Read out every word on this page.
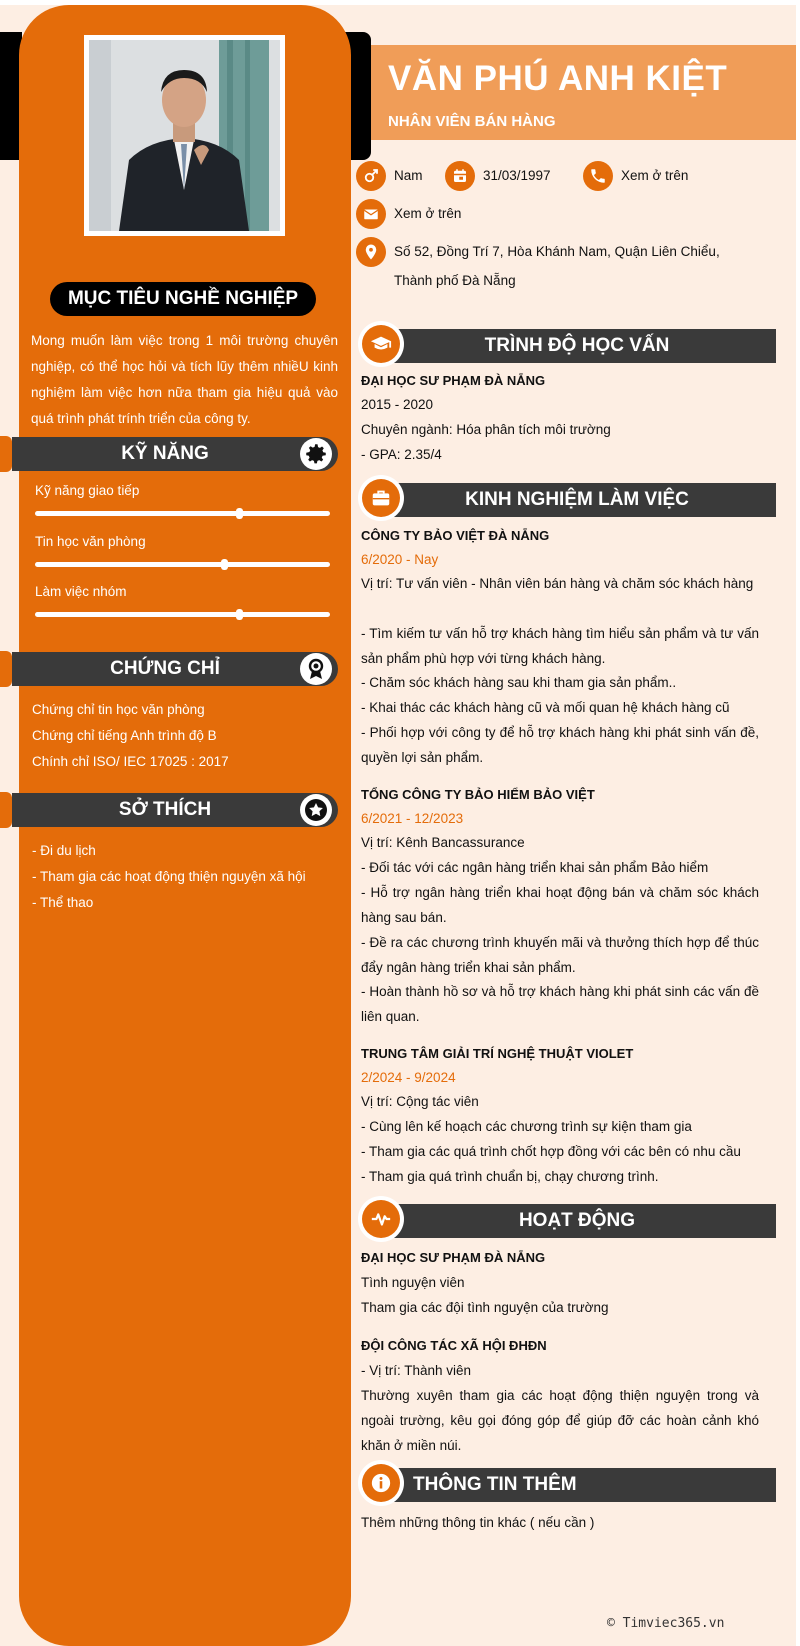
MỤC TIÊU NGHỀ NGHIỆP
Mong muốn làm việc trong 1 môi trường chuyên nghiệp, có thể học hỏi và tích lũy thêm nhiềU kinh nghiệm làm việc hơn nữa tham gia hiệu quả vào quá trình phát trính triển của công ty.
KỸ NĂNG
Kỹ năng giao tiếp
Tin học văn phòng
Làm việc nhóm
CHỨNG CHỈ
Chứng chỉ tin học văn phòng
Chứng chỉ tiếng Anh trình độ B
Chính chỉ ISO/ IEC 17025 : 2017
SỞ THÍCH
- Đi du lịch
- Tham gia các hoạt động thiện nguyện xã hội
- Thể thao
VĂN PHÚ ANH KIỆT
NHÂN VIÊN BÁN HÀNG
Nam	31/03/1997	Xem ở trên
Xem ở trên
Số 52, Đồng Trí 7, Hòa Khánh Nam, Quận Liên Chiểu,
Thành phố Đà Nẵng
TRÌNH ĐỘ HỌC VẤN
ĐẠI HỌC SƯ PHẠM ĐÀ NẴNG
2015 - 2020
Chuyên ngành: Hóa phân tích môi trường
- GPA: 2.35/4
KINH NGHIỆM LÀM VIỆC
CÔNG TY BẢO VIỆT ĐÀ NẴNG
6/2020 - Nay
Vị trí: Tư vấn viên - Nhân viên bán hàng và chăm sóc khách hàng
- Tìm kiếm tư vấn hỗ trợ khách hàng tìm hiểu sản phẩm và tư vấn sản phẩm phù hợp với từng khách hàng.
- Chăm sóc khách hàng sau khi tham gia sản phẩm..
- Khai thác các khách hàng cũ và mối quan hệ khách hàng cũ
- Phối hợp với công ty để hỗ trợ khách hàng khi phát sinh vấn đề, quyền lợi sản phẩm.
TỔNG CÔNG TY BẢO HIỂM BẢO VIỆT
6/2021 - 12/2023
Vị trí: Kênh Bancassurance
- Đối tác với các ngân hàng triển khai sản phẩm Bảo hiểm
- Hỗ trợ ngân hàng triển khai hoạt động bán và chăm sóc khách hàng sau bán.
- Đề ra các chương trình khuyến mãi và thưởng thích hợp để thúc đẩy ngân hàng triển khai sản phẩm.
- Hoàn thành hồ sơ và hỗ trợ khách hàng khi phát sinh các vấn đề liên quan.
TRUNG TÂM GIẢI TRÍ NGHỆ THUẬT VIOLET
2/2024 - 9/2024
Vị trí: Cộng tác viên
- Cùng lên kế hoạch các chương trình sự kiện tham gia
- Tham gia các quá trình chốt hợp đồng với các bên có nhu cầu
- Tham gia quá trình chuẩn bị, chạy chương trình.
HOẠT ĐỘNG
ĐẠI HỌC SƯ PHẠM ĐÀ NẴNG
Tình nguyện viên
Tham gia các đội tình nguyện của trường
ĐỘI CÔNG TÁC XÃ HỘI ĐHĐN
- Vị trí: Thành viên
Thường xuyên tham gia các hoạt động thiện nguyện trong và ngoài trường, kêu gọi đóng góp để giúp đỡ các hoàn cảnh khó khăn ở miền núi.
THÔNG TIN THÊM
Thêm những thông tin khác ( nếu cần )
© Timviec365.vn
